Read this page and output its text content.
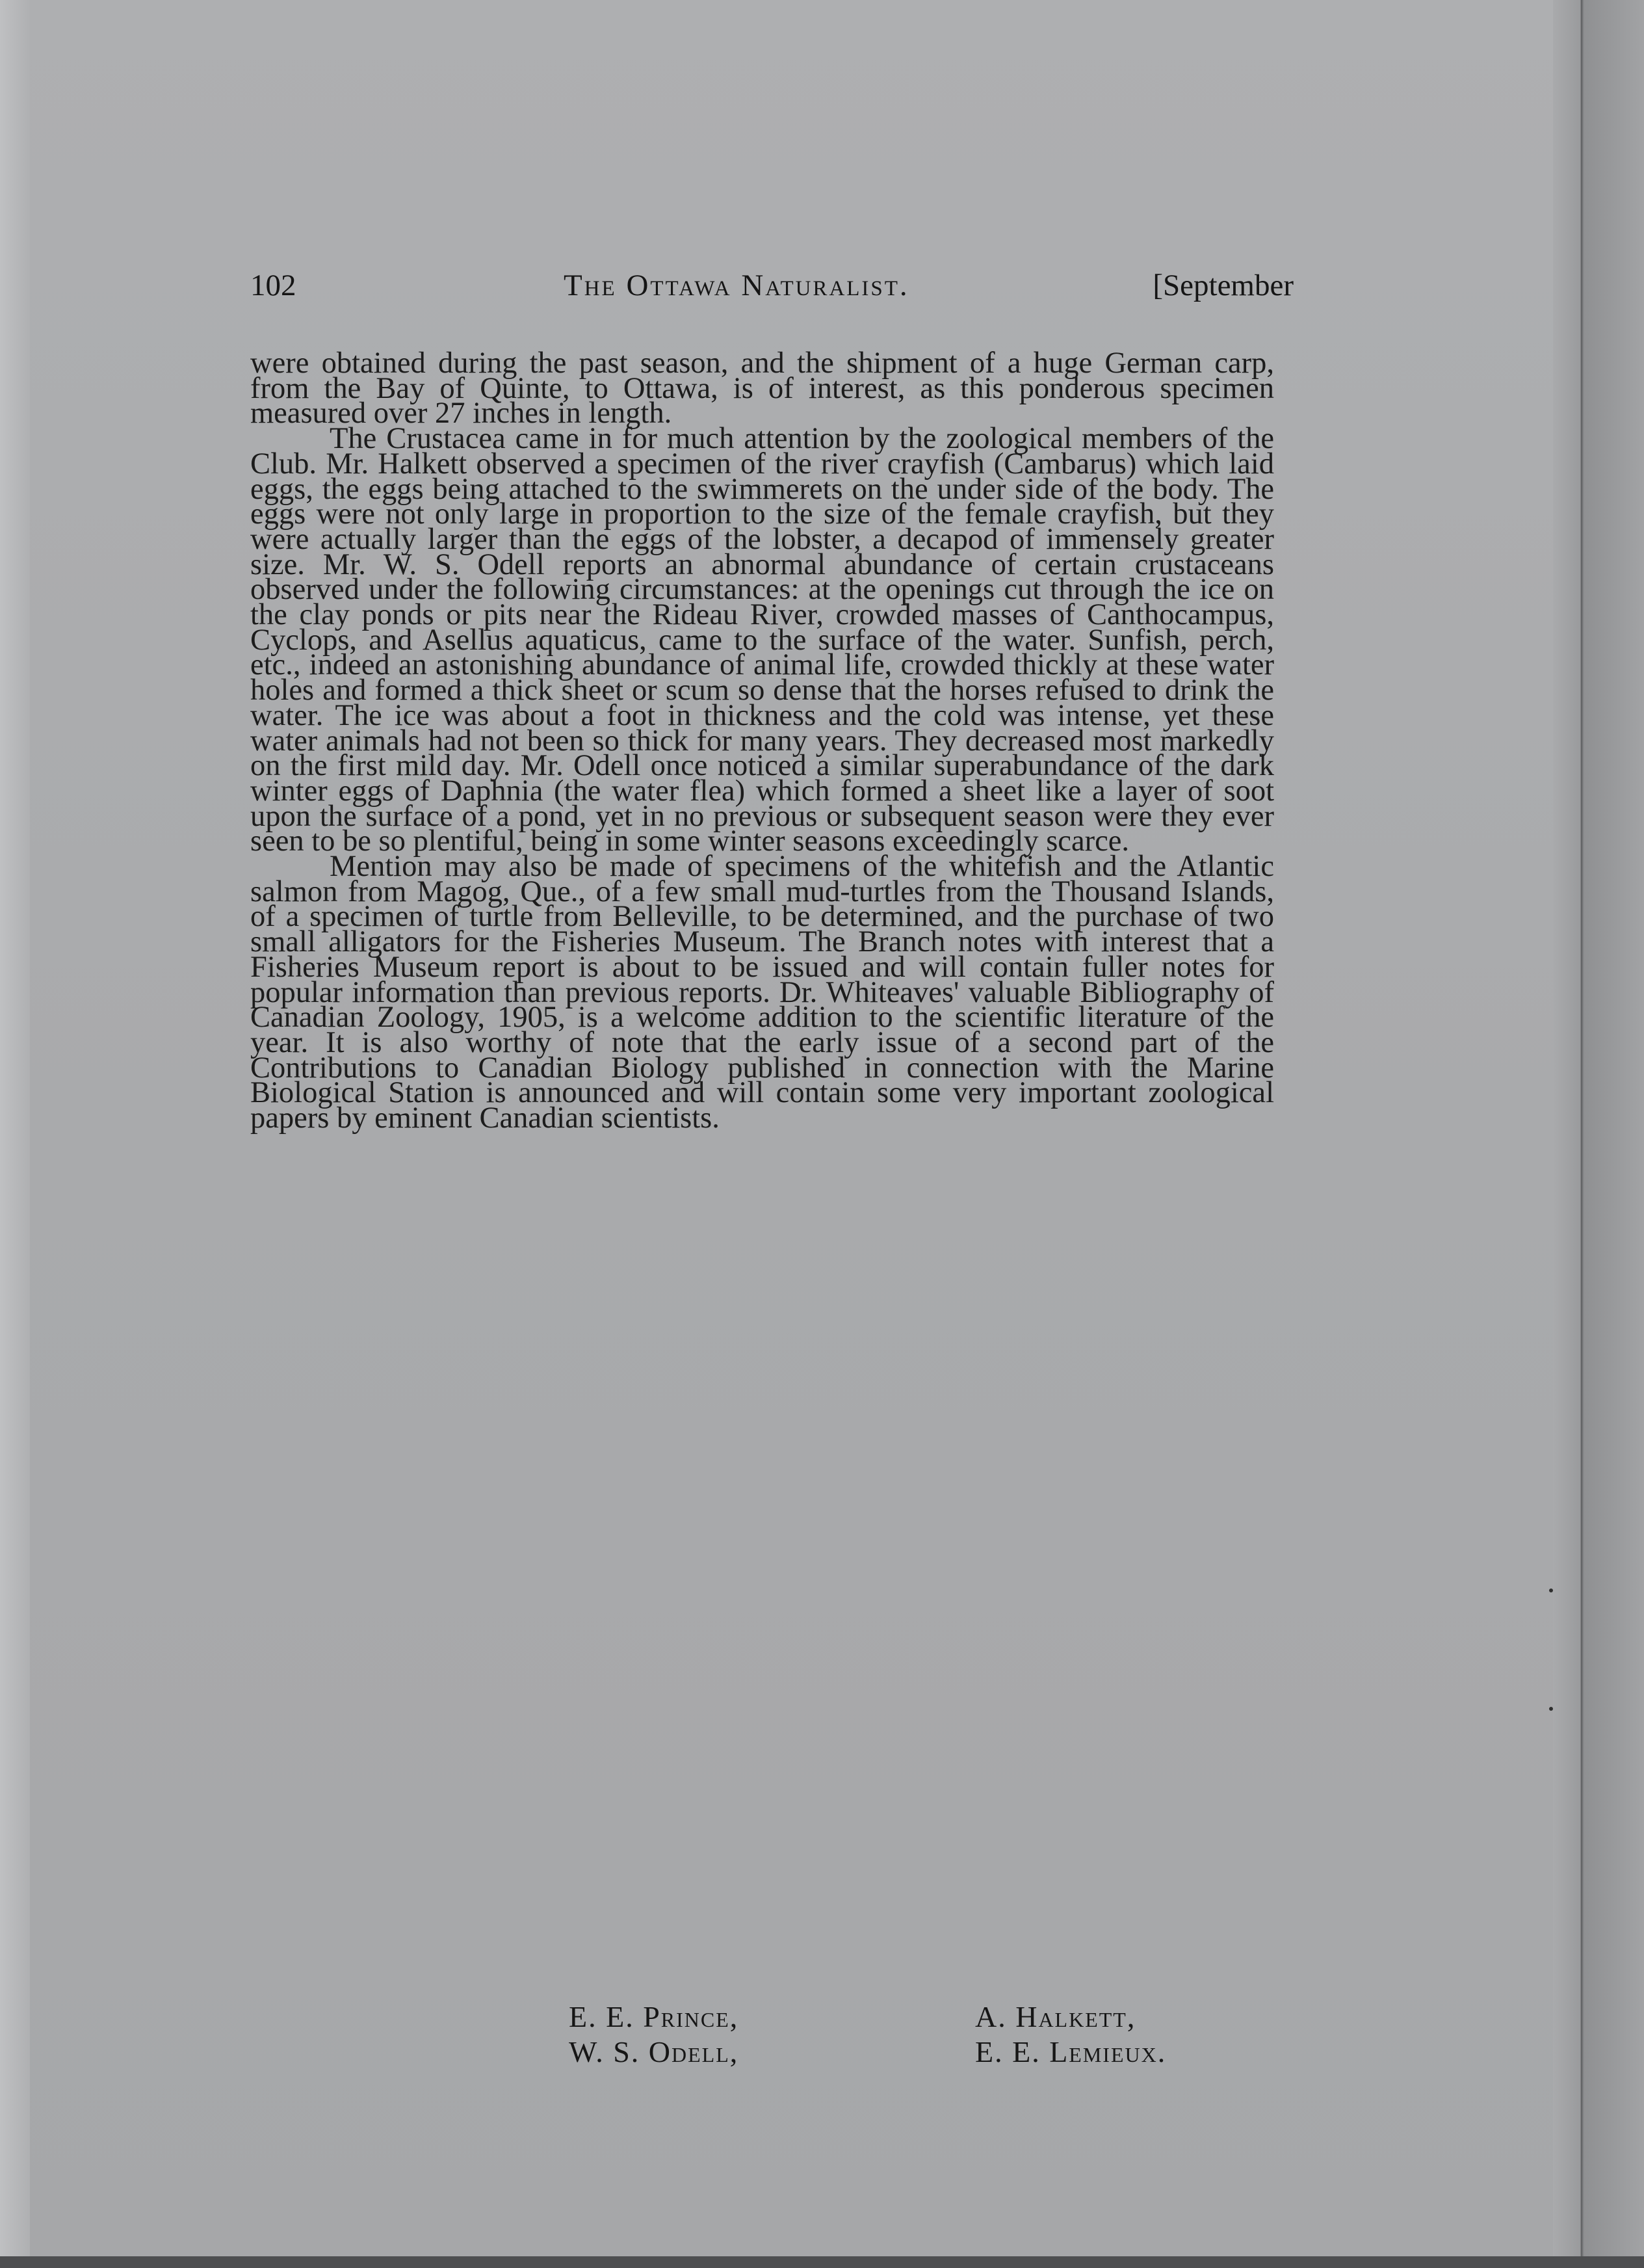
102	The Ottawa Naturalist.	[September

were obtained during the past season, and the shipment of a huge German carp, from the Bay of Quinte, to Ottawa, is of interest, as this ponderous specimen measured over 27 inches in length.

The Crustacea came in for much attention by the zoological members of the Club. Mr. Halkett observed a specimen of the river crayfish (Cambarus) which laid eggs, the eggs being attached to the swimmerets on the under side of the body. The eggs were not only large in proportion to the size of the female crayfish, but they were actually larger than the eggs of the lobster, a decapod of immensely greater size. Mr. W. S. Odell reports an abnormal abundance of certain crustaceans observed under the following circumstances: at the openings cut through the ice on the clay ponds or pits near the Rideau River, crowded masses of Canthocampus, Cyclops, and Asellus aquaticus, came to the surface of the water. Sunfish, perch, etc., indeed an astonishing abundance of animal life, crowded thickly at these water holes and formed a thick sheet or scum so dense that the horses refused to drink the water. The ice was about a foot in thickness and the cold was intense, yet these water animals had not been so thick for many years. They decreased most markedly on the first mild day. Mr. Odell once noticed a similar superabundance of the dark winter eggs of Daphnia (the water flea) which formed a sheet like a layer of soot upon the surface of a pond, yet in no previous or subsequent season were they ever seen to be so plentiful, being in some winter seasons exceedingly scarce.

Mention may also be made of specimens of the whitefish and the Atlantic salmon from Magog, Que., of a few small mud-turtles from the Thousand Islands, of a specimen of turtle from Belleville, to be determined, and the purchase of two small alligators for the Fisheries Museum. The Branch notes with interest that a Fisheries Museum report is about to be issued and will contain fuller notes for popular information than previous reports. Dr. Whiteaves' valuable Bibliography of Canadian Zoology, 1905, is a welcome addition to the scientific literature of the year. It is also worthy of note that the early issue of a second part of the Contributions to Canadian Biology published in connection with the Marine Biological Station is announced and will contain some very important zoological papers by eminent Canadian scientists.

E. E. Prince,
W. S. Odell,
A. Halkett,
E. E. Lemieux.
